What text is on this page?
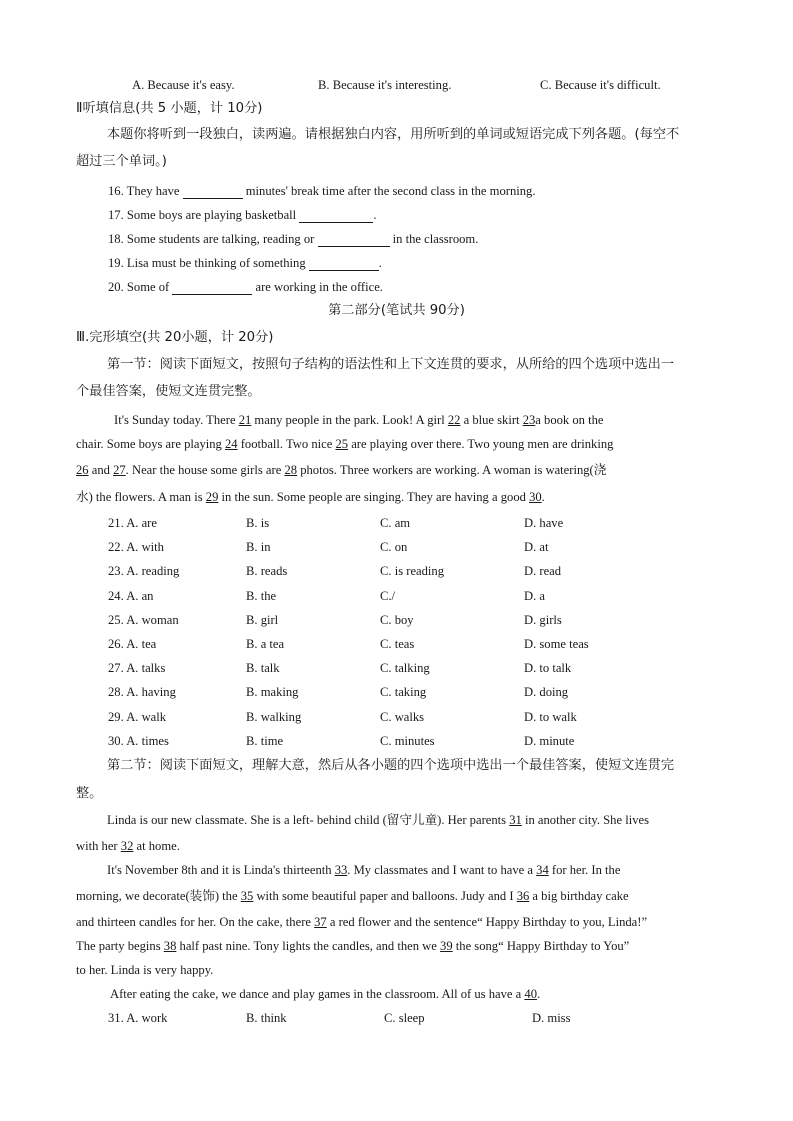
A. Because it's easy.	B. Because it's interesting.	C. Because it's difficult.
Ⅱ听填信息(共 5 小题，计 10分)
本题你将听到一段独白，读两遍。请根据独白内容，用所听到的单词或短语完成下列各题。(每空不
超过三个单词。)
16. They have	minutes' break time after the second class in the morning.
17. Some boys are playing basketball	.
18. Some students are talking, reading or	in the classroom.
19. Lisa must be thinking of something	.
20. Some of	are working in the office.
第二部分(笔试共 90分)
Ⅲ.完形填空(共 20小题，计 20分)
第一节：阅读下面短文，按照句子结构的语法性和上下文连贯的要求，从所给的四个选项中选出一
个最佳答案，使短文连贯完整。
It's Sunday today. There 21 many people in the park. Look! A girl 22 a blue skirt 23a book on the
chair. Some boys are playing 24 football. Two nice 25 are playing over there. Two young men are drinking
26 and 27. Near the house some girls are 28 photos. Three workers are working. A woman is watering(浇
水) the flowers. A man is 29 in the sun. Some people are singing. They are having a good 30.
21. A. are	B. is	C. am	D. have
22. A. with	B. in	C. on	D. at
23. A. reading	B. reads	C. is reading	D. read
24. A. an	B. the	C./	D. a
25. A. woman	B. girl	C. boy	D. girls
26. A. tea	B. a tea	C. teas	D. some teas
27. A. talks	B. talk	C. talking	D. to talk
28. A. having	B. making	C. taking	D. doing
29. A. walk	B. walking	C. walks	D. to walk
30. A. times	B. time	C. minutes	D. minute
第二节：阅读下面短文，理解大意，然后从各小题的四个选项中选出一个最佳答案，使短文连贯完
整。
Linda is our new classmate. She is a left- behind child (留守儿童). Her parents 31 in another city. She lives
with her 32 at home.
It's November 8th and it is Linda's thirteenth 33. My classmates and I want to have a 34 for her. In the
morning, we decorate(装饰) the 35 with some beautiful paper and balloons. Judy and I 36 a big birthday cake
and thirteen candles for her. On the cake, there 37 a red flower and the sentence“ Happy Birthday to you, Linda!”
The party begins 38 half past nine. Tony lights the candles, and then we 39 the song“ Happy Birthday to You”
to her. Linda is very happy.
After eating the cake, we dance and play games in the classroom. All of us have a 40.
31. A. work	B. think	C. sleep	D. miss
